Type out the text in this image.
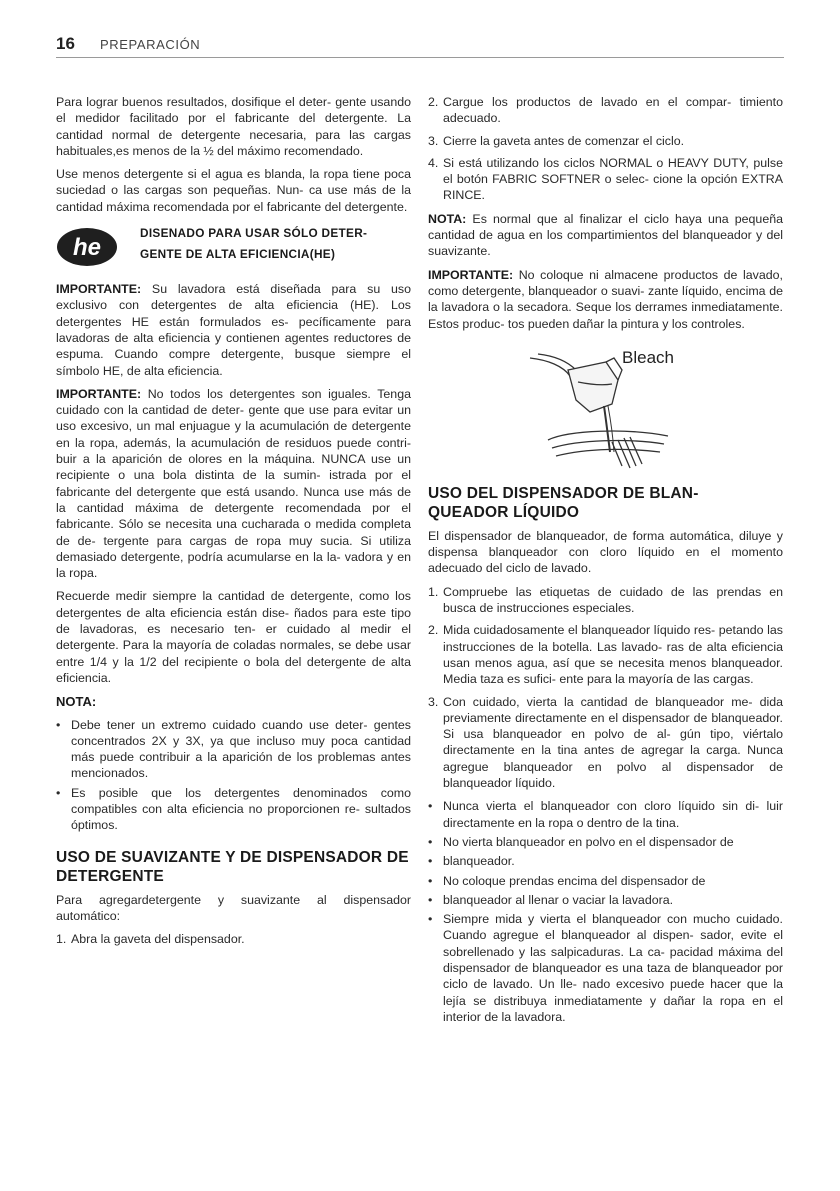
16 PREPARACIÓN

Para lograr buenos resultados, dosifique el deter- gente usando el medidor facilitado por el fabricante del detergente. La cantidad normal de detergente necesaria, para las cargas habituales,es menos de la ½ del máximo recomendado.

Use menos detergente si el agua es blanda, la ropa tiene poca suciedad o las cargas son pequeñas. Nun- ca use más de la cantidad máxima recomendada por el fabricante del detergente.

he
DISENADO PARA USAR SÓLO DETER-
GENTE DE ALTA EFICIENCIA(HE)

IMPORTANTE: Su lavadora está diseñada para su uso exclusivo con detergentes de alta eficiencia (HE). Los detergentes HE están formulados es- pecíficamente para lavadoras de alta eficiencia y contienen agentes reductores de espuma. Cuando compre detergente, busque siempre el símbolo HE, de alta eficiencia.

IMPORTANTE: No todos los detergentes son iguales. Tenga cuidado con la cantidad de deter- gente que use para evitar un uso excesivo, un mal enjuague y la acumulación de detergente en la ropa, además, la acumulación de residuos puede contri- buir a la aparición de olores en la máquina. NUNCA use un recipiente o una bola distinta de la sumin- istrada por el fabricante del detergente que está usando. Nunca use más de la cantidad máxima de detergente recomendada por el fabricante. Sólo se necesita una cucharada o medida completa de de- tergente para cargas de ropa muy sucia. Si utiliza demasiado detergente, podría acumularse en la la- vadora y en la ropa.

Recuerde medir siempre la cantidad de detergente, como los detergentes de alta eficiencia están dise- ñados para este tipo de lavadoras, es necesario ten- er cuidado al medir el detergente. Para la mayoría de coladas normales, se debe usar entre 1/4 y la 1/2 del recipiente o bola del detergente de alta eficiencia.

NOTA:
• Debe tener un extremo cuidado cuando use deter- gentes concentrados 2X y 3X, ya que incluso muy poca cantidad más puede contribuir a la aparición de los problemas antes mencionados.
• Es posible que los detergentes denominados como compatibles con alta eficiencia no proporcionen re- sultados óptimos.
USO DE SUAVIZANTE Y DE DISPENSADOR DE DETERGENTE

Para agregardetergente y suavizante al dispensador automático:

1. Abra la gaveta del dispensador.
2. Cargue los productos de lavado en el compar- timiento adecuado.
3. Cierre la gaveta antes de comenzar el ciclo.
4. Si está utilizando los ciclos NORMAL o HEAVY DUTY, pulse el botón FABRIC SOFTNER o selec- cione la opción EXTRA RINCE.

NOTA: Es normal que al finalizar el ciclo haya una pequeña cantidad de agua en los compartimientos del blanqueador y del suavizante.

IMPORTANTE: No coloque ni almacene productos de lavado, como detergente, blanqueador o suavi- zante líquido, encima de la lavadora o la secadora. Seque los derrames inmediatamente. Estos produc- tos pueden dañar la pintura y los controles.

Bleach
USO DEL DISPENSADOR DE BLAN- QUEADOR LÍQUIDO

El dispensador de blanqueador, de forma automática, diluye y dispensa blanqueador con cloro líquido en el momento adecuado del ciclo de lavado.

1. Compruebe las etiquetas de cuidado de las prendas en busca de instrucciones especiales.
2. Mida cuidadosamente el blanqueador líquido res- petando las instrucciones de la botella. Las lavado- ras de alta eficiencia usan menos agua, así que se necesita menos blanqueador. Media taza es sufici- ente para la mayoría de las cargas.
3. Con cuidado, vierta la cantidad de blanqueador me- dida previamente directamente en el dispensador de blanqueador. Si usa blanqueador en polvo de al- gún tipo, viértalo directamente en la tina antes de agregar la carga. Nunca agregue blanqueador en polvo al dispensador de blanqueador líquido.
• Nunca vierta el blanqueador con cloro líquido sin di- luir directamente en la ropa o dentro de la tina.
• No vierta blanqueador en polvo en el dispensador de
• blanqueador.
• No coloque prendas encima del dispensador de
• blanqueador al llenar o vaciar la lavadora.
• Siempre mida y vierta el blanqueador con mucho cuidado. Cuando agregue el blanqueador al dispen- sador, evite el sobrellenado y las salpicaduras. La ca- pacidad máxima del dispensador de blanqueador es una taza de blanqueador por ciclo de lavado. Un lle- nado excesivo puede hacer que la lejía se distribuya inmediatamente y dañar la ropa en el interior de la lavadora.
